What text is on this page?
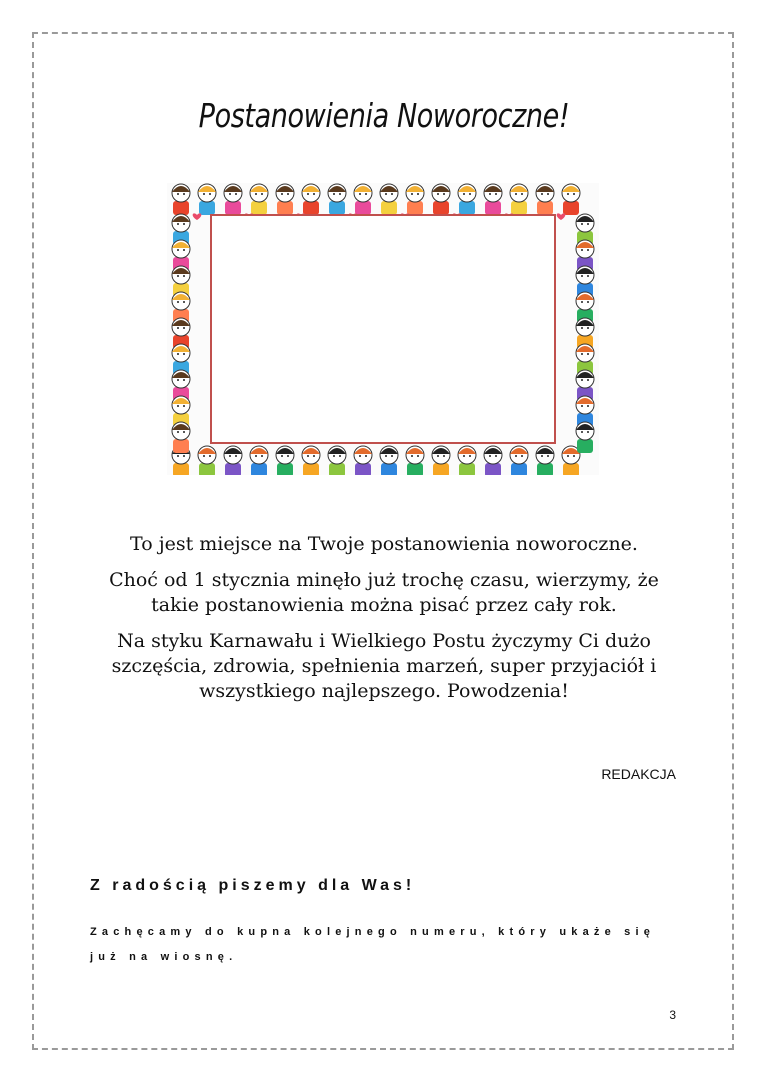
Postanowienia Noworoczne!

To jest miejsce na Twoje postanowienia noworoczne.

Choć od 1 stycznia minęło już trochę czasu, wierzymy, że takie postanowienia można pisać przez cały rok.

Na styku Karnawału i Wielkiego Postu życzymy Ci dużo szczęścia, zdrowia, spełnienia marzeń, super przyjaciół i wszystkiego najlepszego. Powodzenia!

REDAKCJA

Z radością piszemy dla Was!

Zachęcamy do kupna kolejnego numeru, który ukaże się już na wiosnę.

3
